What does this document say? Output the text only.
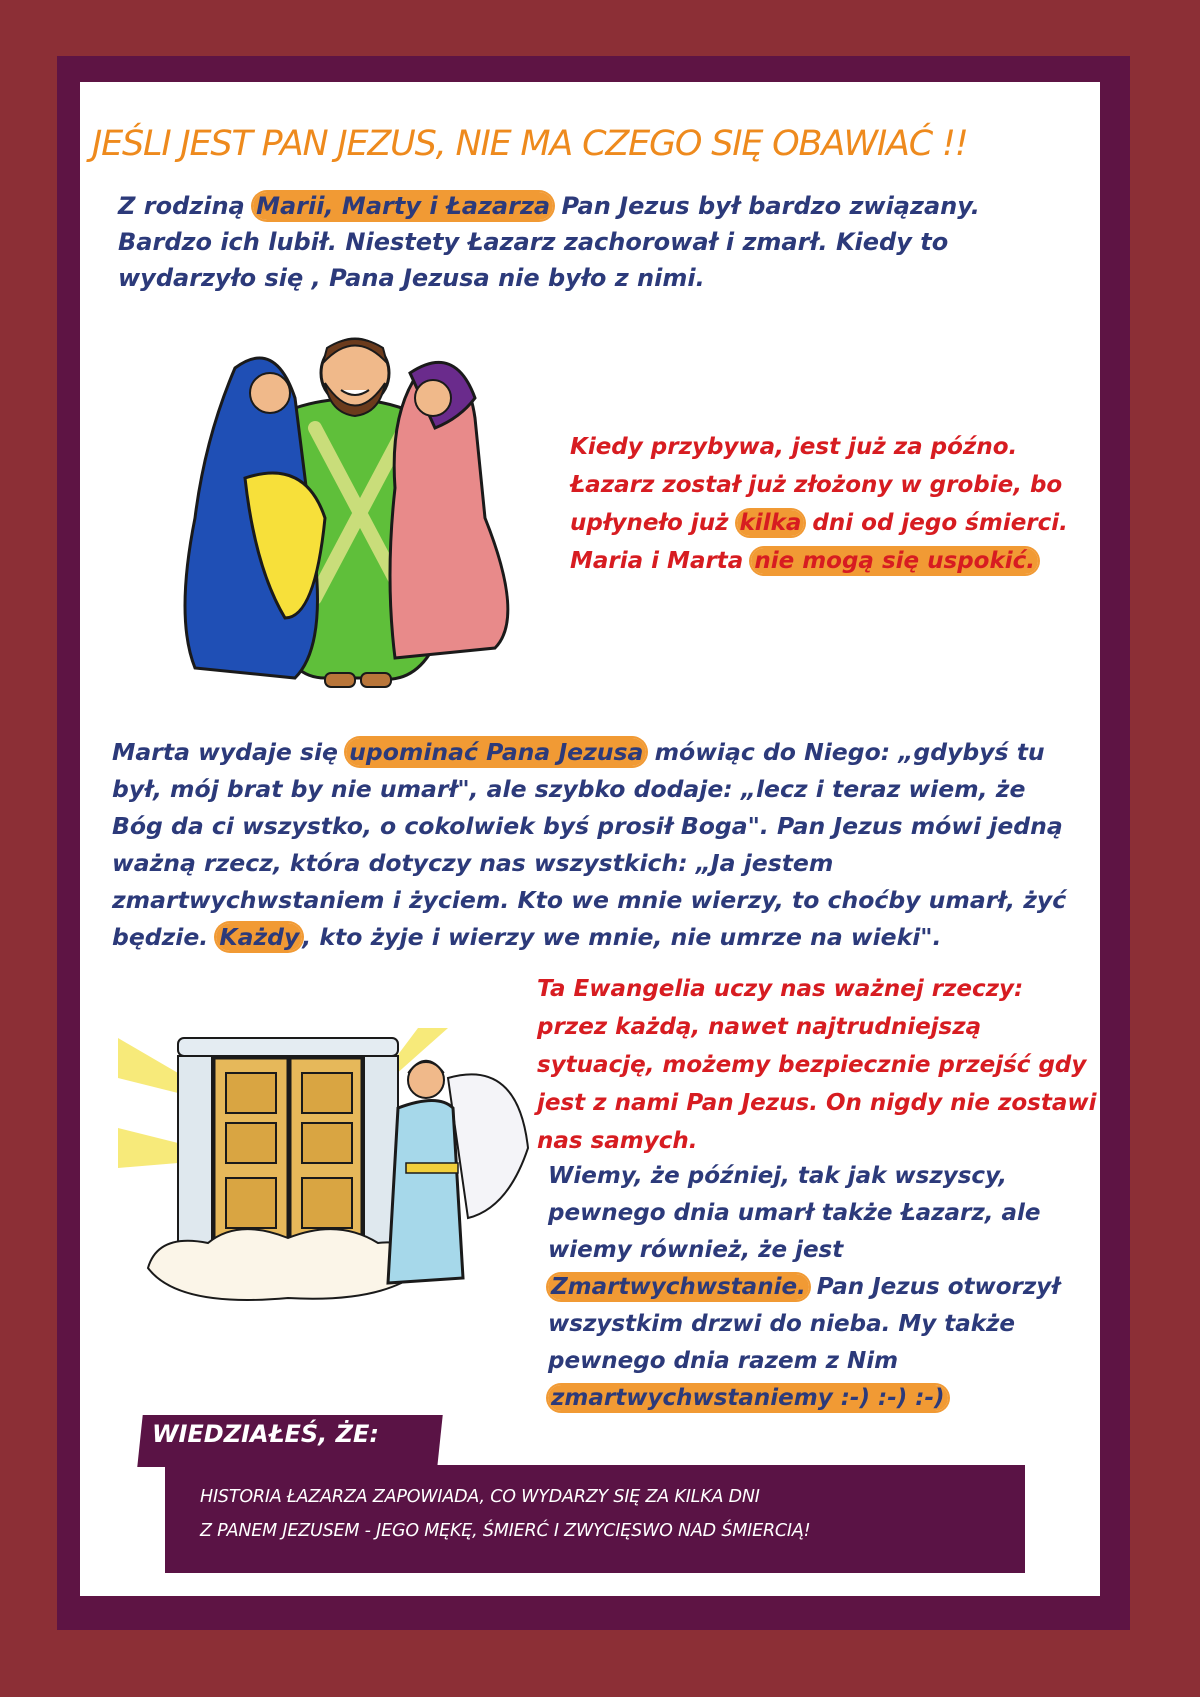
JEŚLI JEST PAN JEZUS, NIE MA CZEGO SIĘ OBAWIAĆ !!

Z rodziną Marii, Marty i Łazarza Pan Jezus był bardzo związany. Bardzo ich lubił. Niestety Łazarz zachorował i zmarł. Kiedy to wydarzyło się , Pana Jezusa nie było z nimi.

Kiedy przybywa, jest już za późno. Łazarz został już złożony w grobie, bo upłyneło już kilka dni od jego śmierci. Maria i Marta nie mogą się uspokić.

Marta wydaje się upominać Pana Jezusa mówiąc do Niego: „gdybyś tu był, mój brat by nie umarł", ale szybko dodaje: „lecz i teraz wiem, że Bóg da ci wszystko, o cokolwiek byś prosił Boga". Pan Jezus mówi jedną ważną rzecz, która dotyczy nas wszystkich: „Ja jestem zmartwychwstaniem i życiem. Kto we mnie wierzy, to choćby umarł, żyć będzie. Każdy , kto żyje i wierzy we mnie, nie umrze na wieki".

Ta Ewangelia uczy nas ważnej rzeczy: przez każdą, nawet najtrudniejszą sytuację, możemy bezpiecznie przejść gdy jest z nami Pan Jezus. On nigdy nie zostawi nas samych.

Wiemy, że później, tak jak wszyscy, pewnego dnia umarł także Łazarz, ale wiemy również, że jest Zmartwychwstanie. Pan Jezus otworzył wszystkim drzwi do nieba. My także pewnego dnia razem z Nim zmartwychwstaniemy :-) :-) :-)

WIEDZIAŁEŚ, ŻE:
HISTORIA ŁAZARZA ZAPOWIADA, CO WYDARZY SIĘ ZA KILKA DNI
Z PANEM JEZUSEM - JEGO MĘKĘ, ŚMIERĆ I ZWYCIĘSWO NAD ŚMIERCIĄ!
